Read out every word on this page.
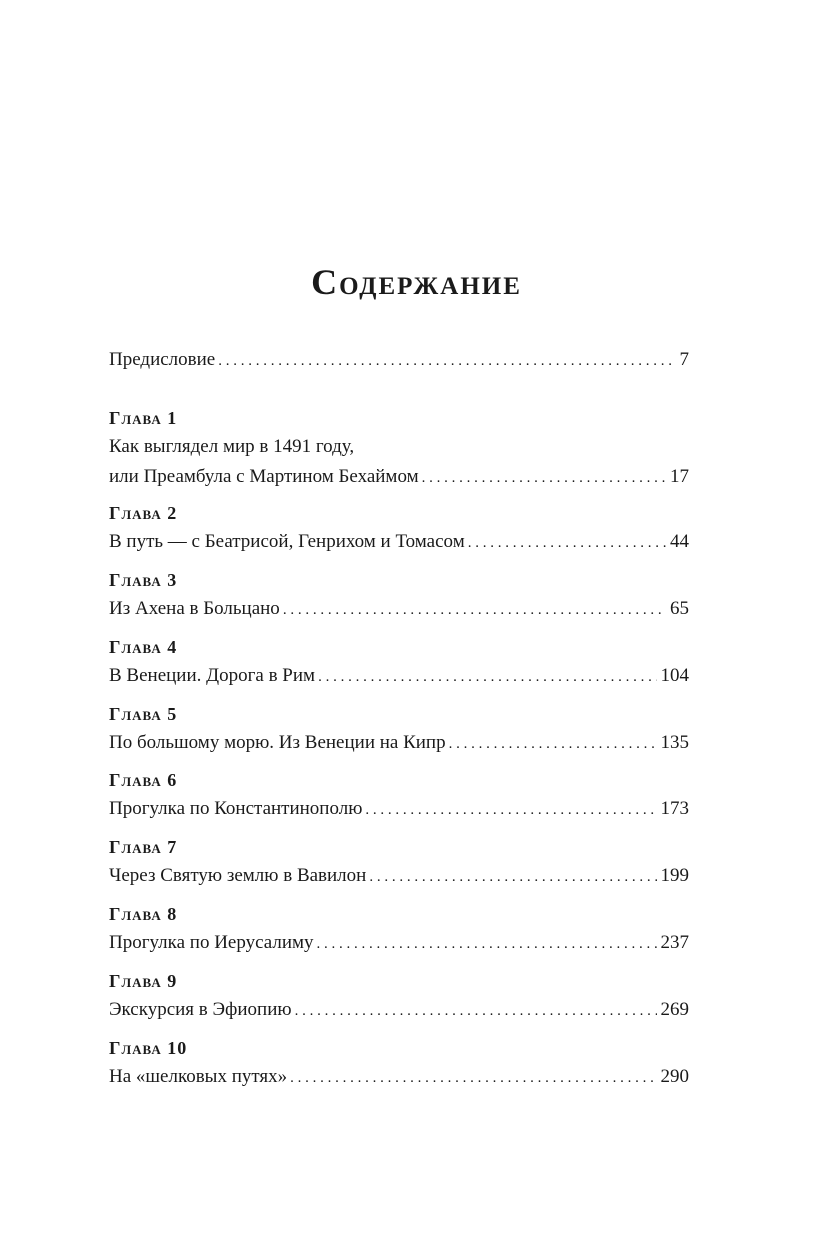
Содержание
Предисловие . . .	7
Глава 1
Как выглядел мир в 1491 году,
или Преамбула с Мартином Бехаймом . . .	17
Глава 2
В путь — с Беатрисой, Генрихом и Томасом . . .	44
Глава 3
Из Ахена в Больцано . . .	65
Глава 4
В Венеции. Дорога в Рим . . .	104
Глава 5
По большому морю. Из Венеции на Кипр . . .	135
Глава 6
Прогулка по Константинополю . . .	173
Глава 7
Через Святую землю в Вавилон . . .	199
Глава 8
Прогулка по Иерусалиму . . .	237
Глава 9
Экскурсия в Эфиопию . . .	269
Глава 10
На «шелковых путях» . . .	290
